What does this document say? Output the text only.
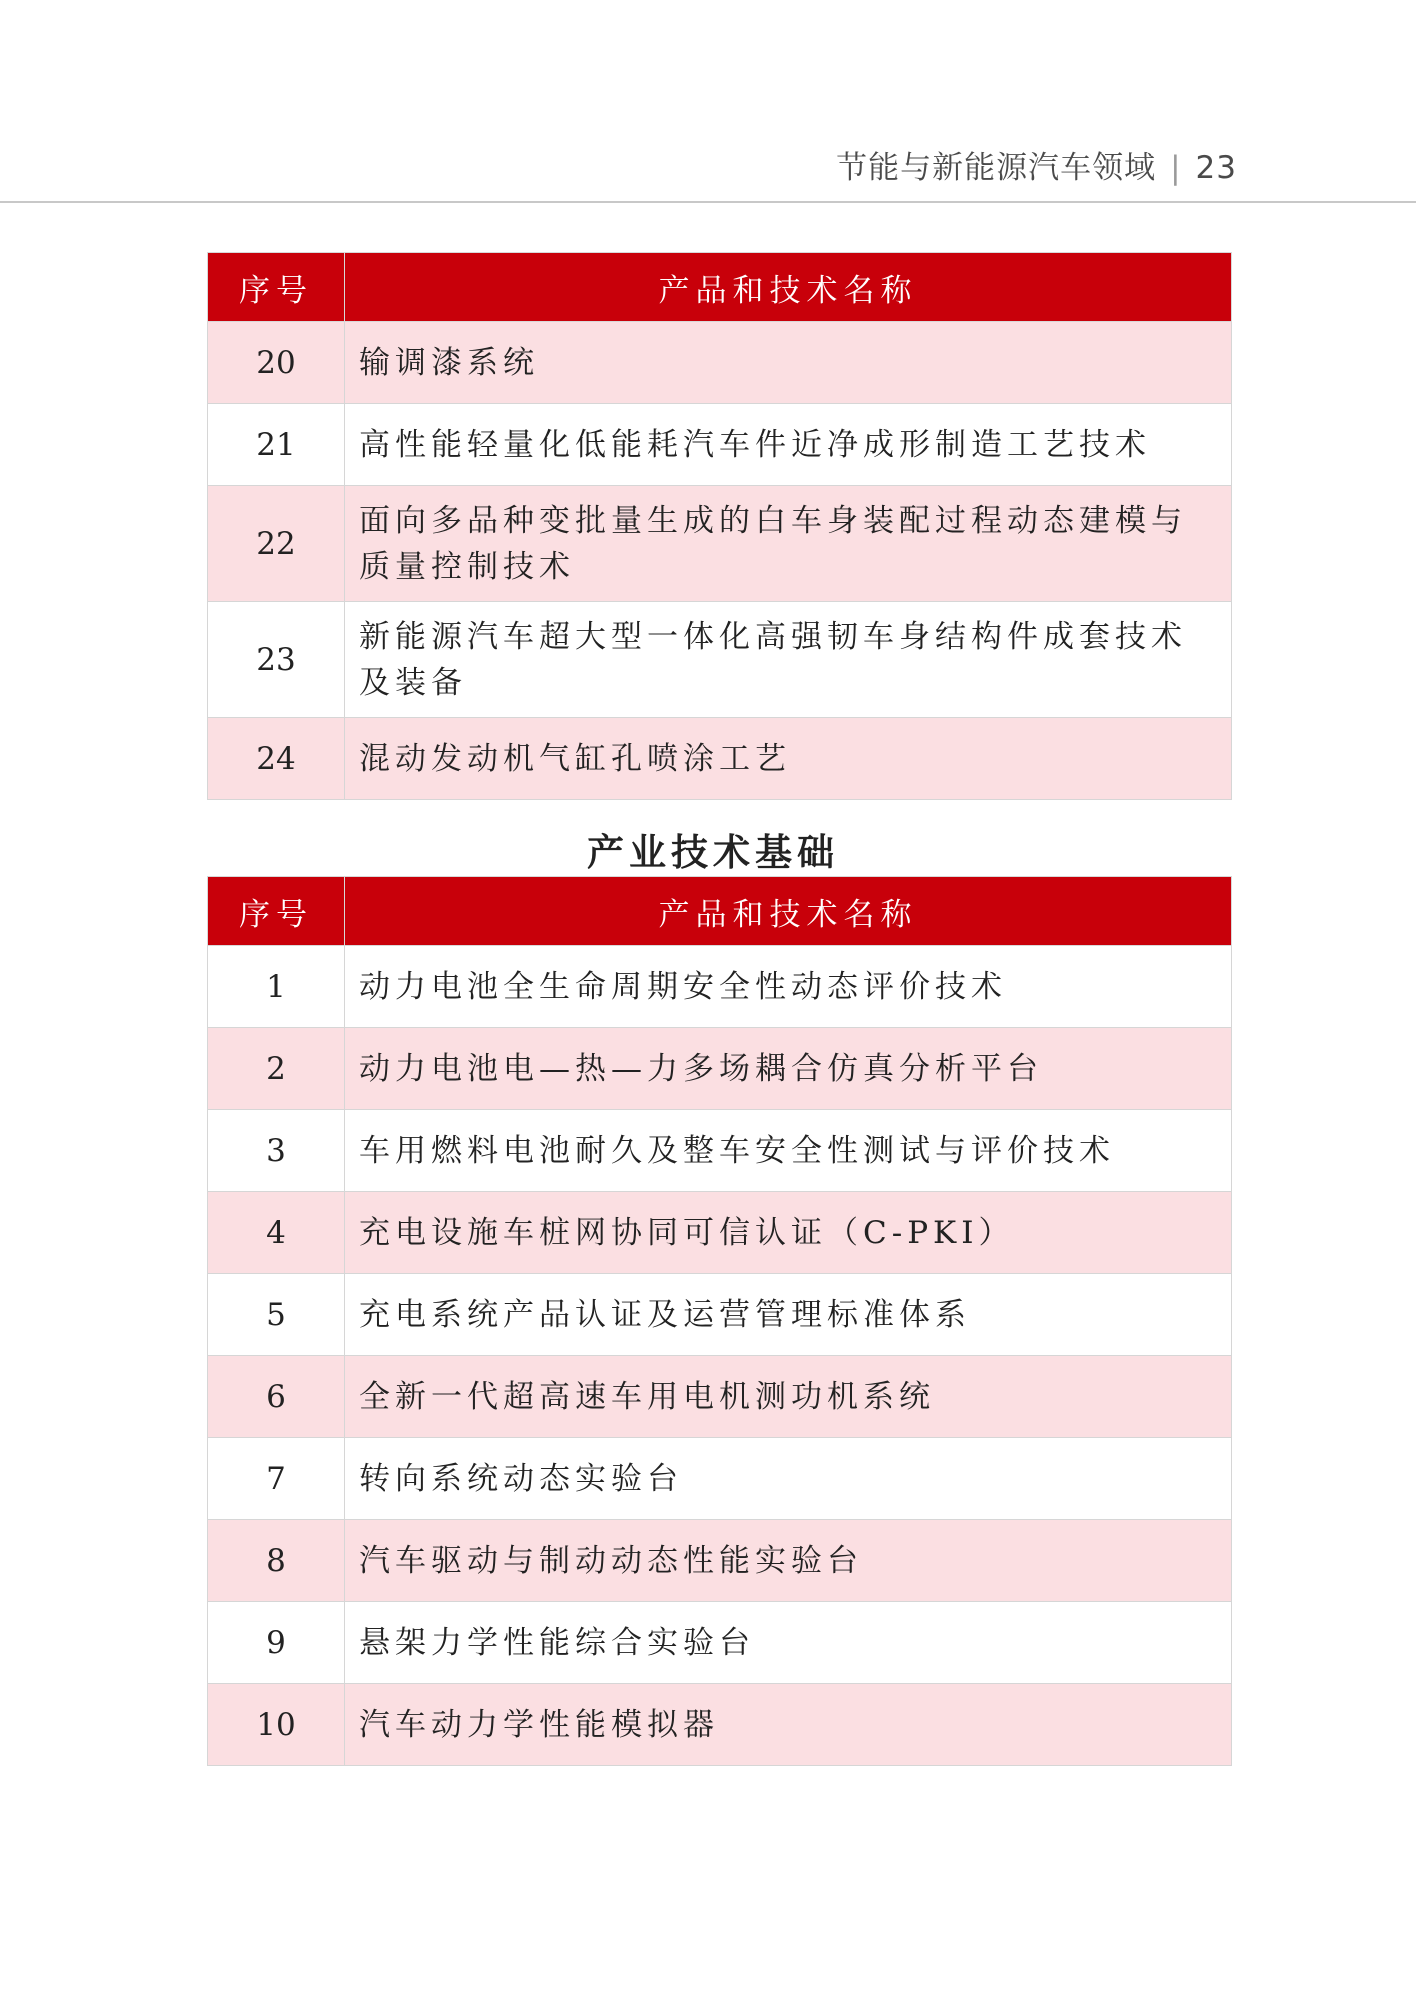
节能与新能源汽车领域 | 23
序号	产品和技术名称
20	输调漆系统
21	高性能轻量化低能耗汽车件近净成形制造工艺技术
22	面向多品种变批量生成的白车身装配过程动态建模与质量控制技术
23	新能源汽车超大型一体化高强韧车身结构件成套技术及装备
24	混动发动机气缸孔喷涂工艺
产业技术基础
序号	产品和技术名称
1	动力电池全生命周期安全性动态评价技术
2	动力电池电—热—力多场耦合仿真分析平台
3	车用燃料电池耐久及整车安全性测试与评价技术
4	充电设施车桩网协同可信认证（C-PKI）
5	充电系统产品认证及运营管理标准体系
6	全新一代超高速车用电机测功机系统
7	转向系统动态实验台
8	汽车驱动与制动动态性能实验台
9	悬架力学性能综合实验台
10	汽车动力学性能模拟器
